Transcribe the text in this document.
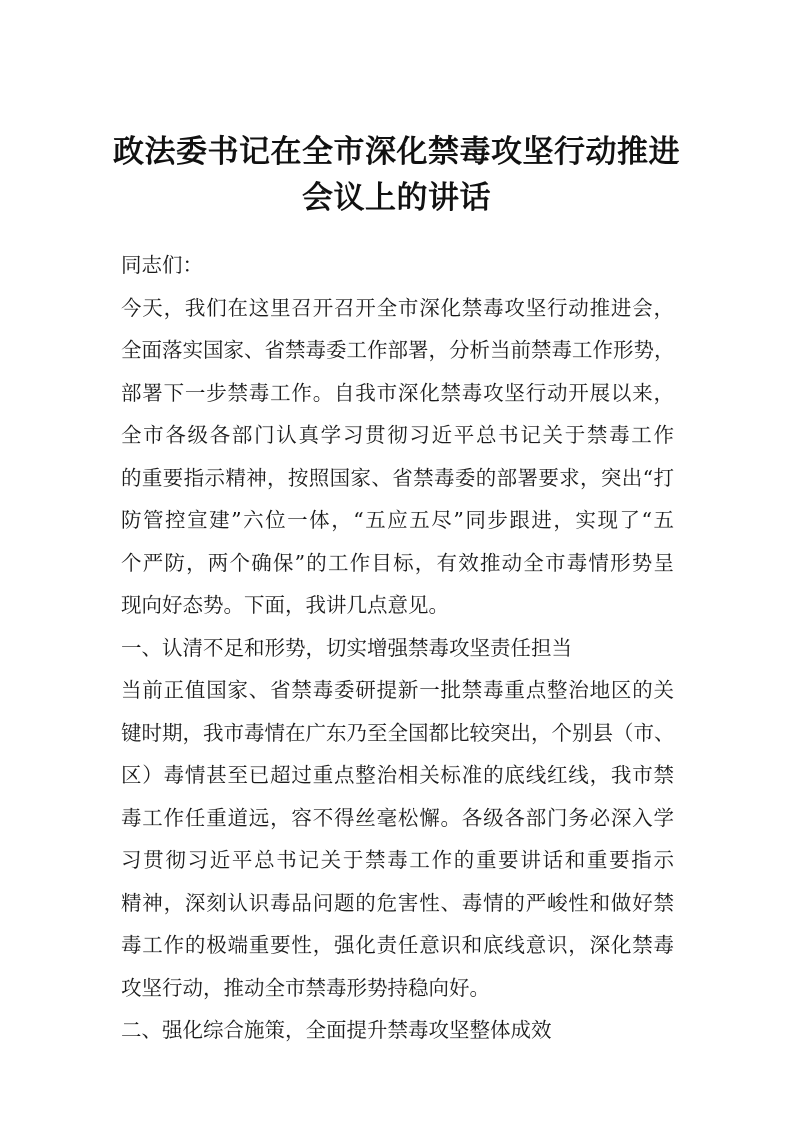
政法委书记在全市深化禁毒攻坚行动推进
会议上的讲话
同志们：
今天，我们在这里召开召开全市深化禁毒攻坚行动推进会，
全面落实国家、省禁毒委工作部署，分析当前禁毒工作形势，
部署下一步禁毒工作。自我市深化禁毒攻坚行动开展以来，
全市各级各部门认真学习贯彻习近平总书记关于禁毒工作
的重要指示精神，按照国家、省禁毒委的部署要求，突出“打
防管控宣建”六位一体，“五应五尽”同步跟进，实现了“五
个严防，两个确保”的工作目标，有效推动全市毒情形势呈
现向好态势。下面，我讲几点意见。
一、认清不足和形势，切实增强禁毒攻坚责任担当
当前正值国家、省禁毒委研提新一批禁毒重点整治地区的关
键时期，我市毒情在广东乃至全国都比较突出，个别县（市、
区）毒情甚至已超过重点整治相关标准的底线红线，我市禁
毒工作任重道远，容不得丝毫松懈。各级各部门务必深入学
习贯彻习近平总书记关于禁毒工作的重要讲话和重要指示
精神，深刻认识毒品问题的危害性、毒情的严峻性和做好禁
毒工作的极端重要性，强化责任意识和底线意识，深化禁毒
攻坚行动，推动全市禁毒形势持稳向好。
二、强化综合施策，全面提升禁毒攻坚整体成效
